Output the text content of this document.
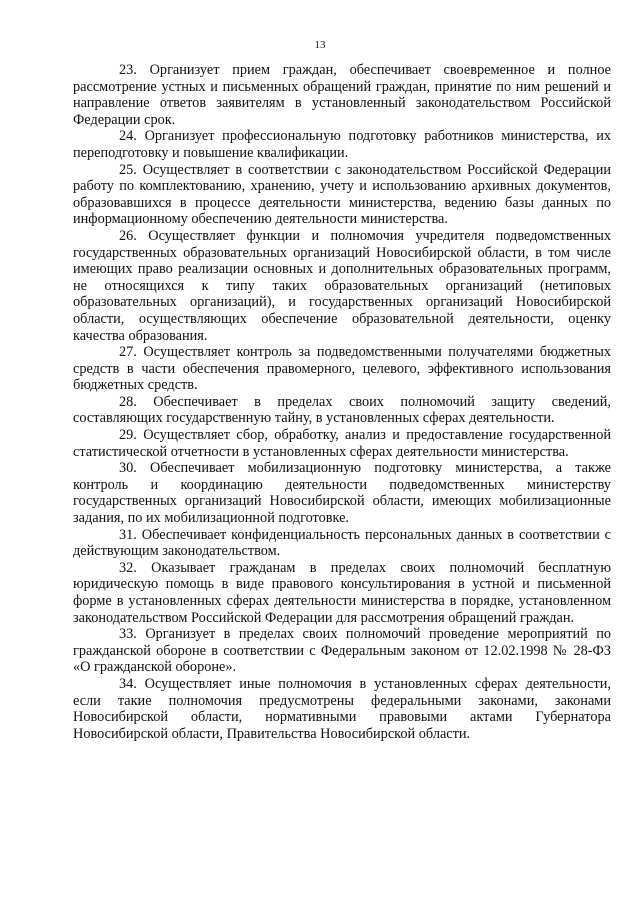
13

23. Организует прием граждан, обеспечивает своевременное и полное рассмотрение устных и письменных обращений граждан, принятие по ним решений и направление ответов заявителям в установленный законодательством Российской Федерации срок.

24. Организует профессиональную подготовку работников министерства, их переподготовку и повышение квалификации.

25. Осуществляет в соответствии с законодательством Российской Федерации работу по комплектованию, хранению, учету и использованию архивных документов, образовавшихся в процессе деятельности министерства, ведению базы данных по информационному обеспечению деятельности министерства.

26. Осуществляет функции и полномочия учредителя подведомственных государственных образовательных организаций Новосибирской области, в том числе имеющих право реализации основных и дополнительных образовательных программ, не относящихся к типу таких образовательных организаций (нетиповых образовательных организаций), и государственных организаций Новосибирской области, осуществляющих обеспечение образовательной деятельности, оценку качества образования.

27. Осуществляет контроль за подведомственными получателями бюджетных средств в части обеспечения правомерного, целевого, эффективного использования бюджетных средств.

28. Обеспечивает в пределах своих полномочий защиту сведений, составляющих государственную тайну, в установленных сферах деятельности.

29. Осуществляет сбор, обработку, анализ и предоставление государственной статистической отчетности в установленных сферах деятельности министерства.

30. Обеспечивает мобилизационную подготовку министерства, а также контроль и координацию деятельности подведомственных министерству государственных организаций Новосибирской области, имеющих мобилизационные задания, по их мобилизационной подготовке.

31. Обеспечивает конфиденциальность персональных данных в соответствии с действующим законодательством.

32. Оказывает гражданам в пределах своих полномочий бесплатную юридическую помощь в виде правового консультирования в устной и письменной форме в установленных сферах деятельности министерства в порядке, установленном законодательством Российской Федерации для рассмотрения обращений граждан.

33. Организует в пределах своих полномочий проведение мероприятий по гражданской обороне в соответствии с Федеральным законом от 12.02.1998 № 28-ФЗ «О гражданской обороне».

34. Осуществляет иные полномочия в установленных сферах деятельности, если такие полномочия предусмотрены федеральными законами, законами Новосибирской области, нормативными правовыми актами Губернатора Новосибирской области, Правительства Новосибирской области.
